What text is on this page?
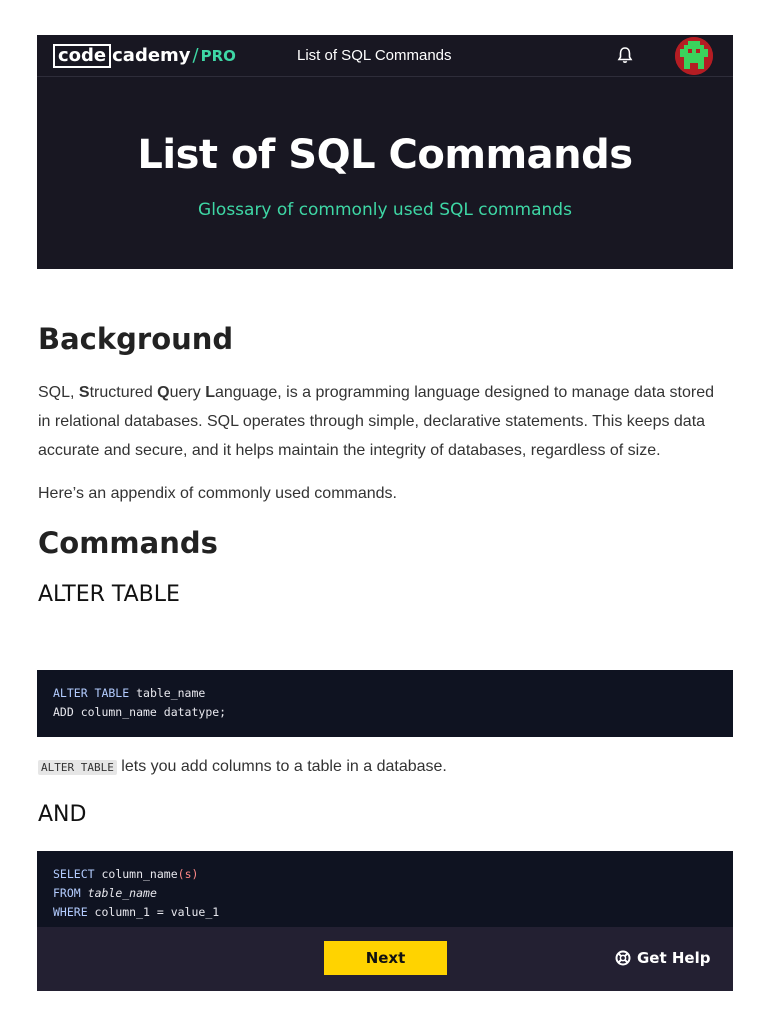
code cademy / PRO	List of SQL Commands
List of SQL Commands

Glossary of commonly used SQL commands

Background

SQL, Structured Query Language, is a programming language designed to manage data stored in relational databases. SQL operates through simple, declarative statements. This keeps data accurate and secure, and it helps maintain the integrity of databases, regardless of size.

Here’s an appendix of commonly used commands.

Commands
ALTER TABLE
ALTER TABLE table_name
ADD column_name datatype;

ALTER TABLE lets you add columns to a table in a database.

AND
SELECT column_name(s)
FROM table_name
WHERE column_1 = value_1
Next	Get Help
